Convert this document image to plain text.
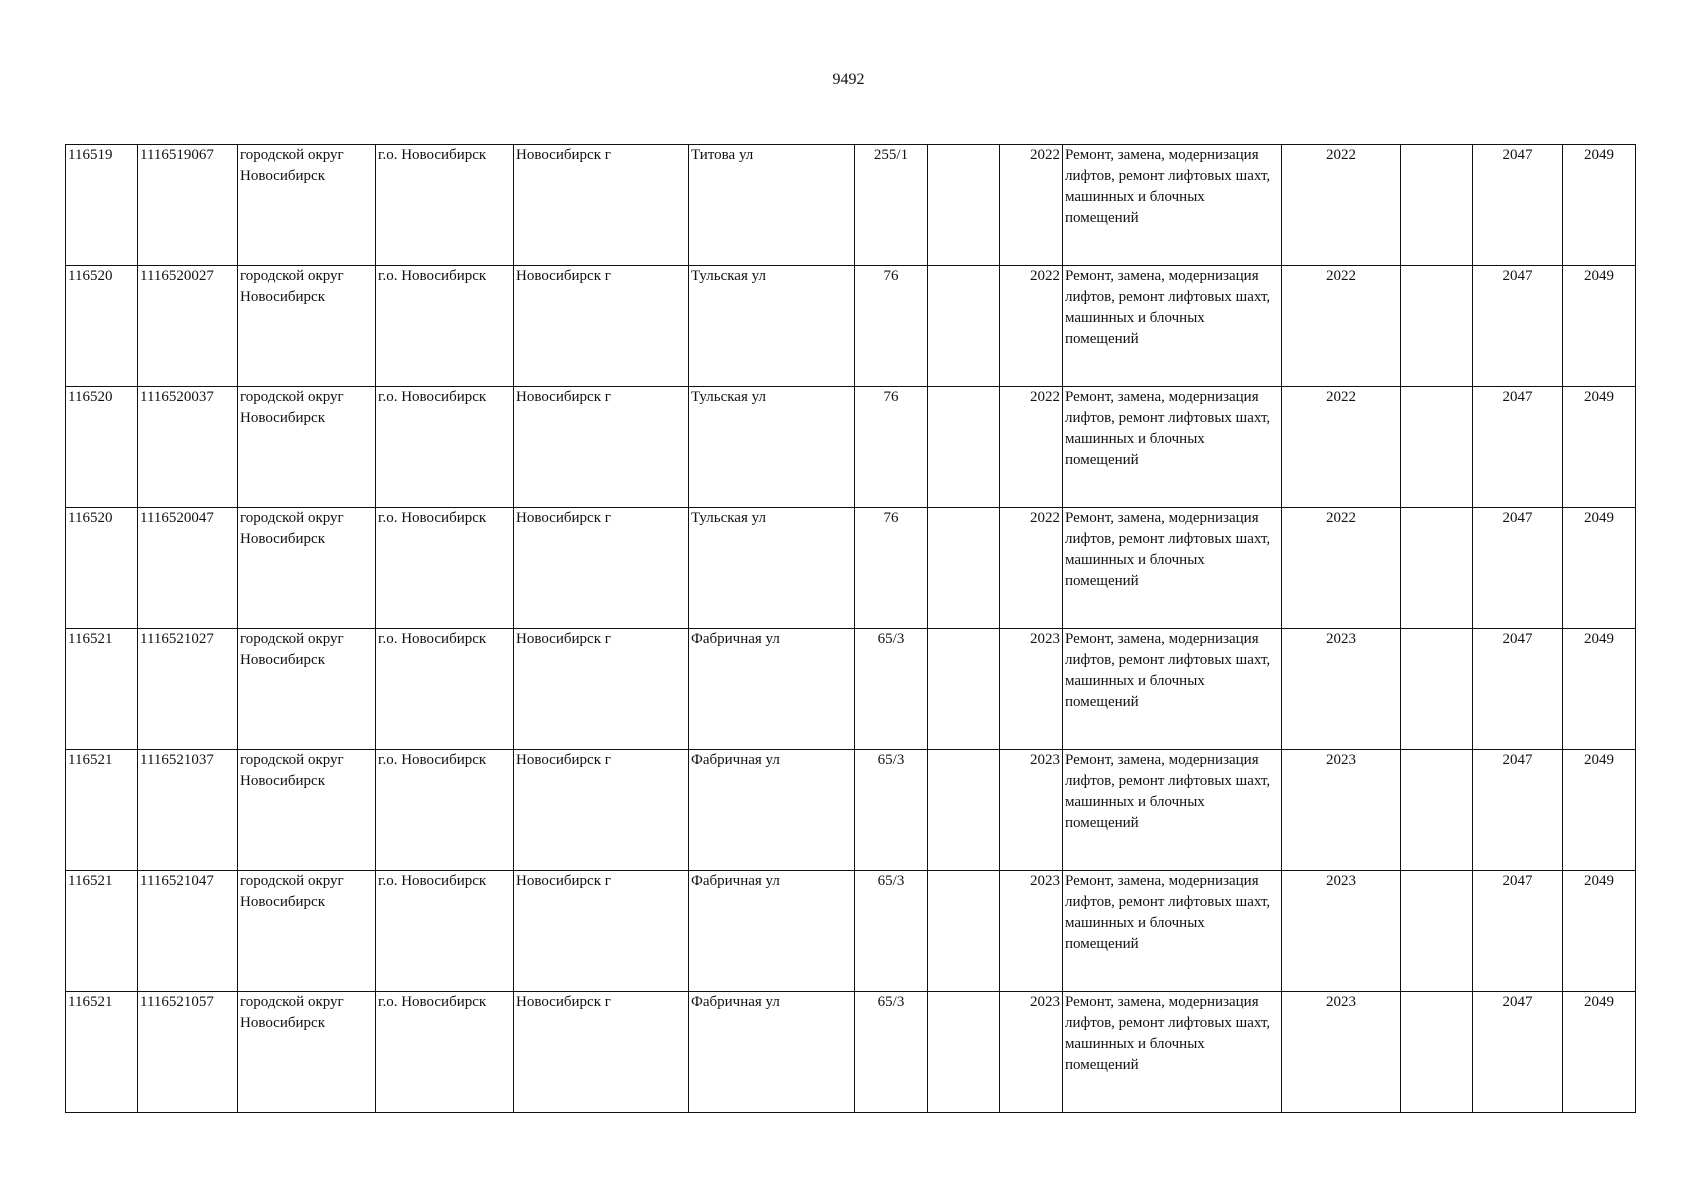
9492
116519	1116519067	городской округ Новосибирск	г.о. Новосибирск	Новосибирск г	Титова ул	255/1		2022	Ремонт, замена, модернизация лифтов, ремонт лифтовых шахт, машинных и блочных помещений	2022		2047	2049
116520	1116520027	городской округ Новосибирск	г.о. Новосибирск	Новосибирск г	Тульская ул	76		2022	Ремонт, замена, модернизация лифтов, ремонт лифтовых шахт, машинных и блочных помещений	2022		2047	2049
116520	1116520037	городской округ Новосибирск	г.о. Новосибирск	Новосибирск г	Тульская ул	76		2022	Ремонт, замена, модернизация лифтов, ремонт лифтовых шахт, машинных и блочных помещений	2022		2047	2049
116520	1116520047	городской округ Новосибирск	г.о. Новосибирск	Новосибирск г	Тульская ул	76		2022	Ремонт, замена, модернизация лифтов, ремонт лифтовых шахт, машинных и блочных помещений	2022		2047	2049
116521	1116521027	городской округ Новосибирск	г.о. Новосибирск	Новосибирск г	Фабричная ул	65/3		2023	Ремонт, замена, модернизация лифтов, ремонт лифтовых шахт, машинных и блочных помещений	2023		2047	2049
116521	1116521037	городской округ Новосибирск	г.о. Новосибирск	Новосибирск г	Фабричная ул	65/3		2023	Ремонт, замена, модернизация лифтов, ремонт лифтовых шахт, машинных и блочных помещений	2023		2047	2049
116521	1116521047	городской округ Новосибирск	г.о. Новосибирск	Новосибирск г	Фабричная ул	65/3		2023	Ремонт, замена, модернизация лифтов, ремонт лифтовых шахт, машинных и блочных помещений	2023		2047	2049
116521	1116521057	городской округ Новосибирск	г.о. Новосибирск	Новосибирск г	Фабричная ул	65/3		2023	Ремонт, замена, модернизация лифтов, ремонт лифтовых шахт, машинных и блочных помещений	2023		2047	2049
